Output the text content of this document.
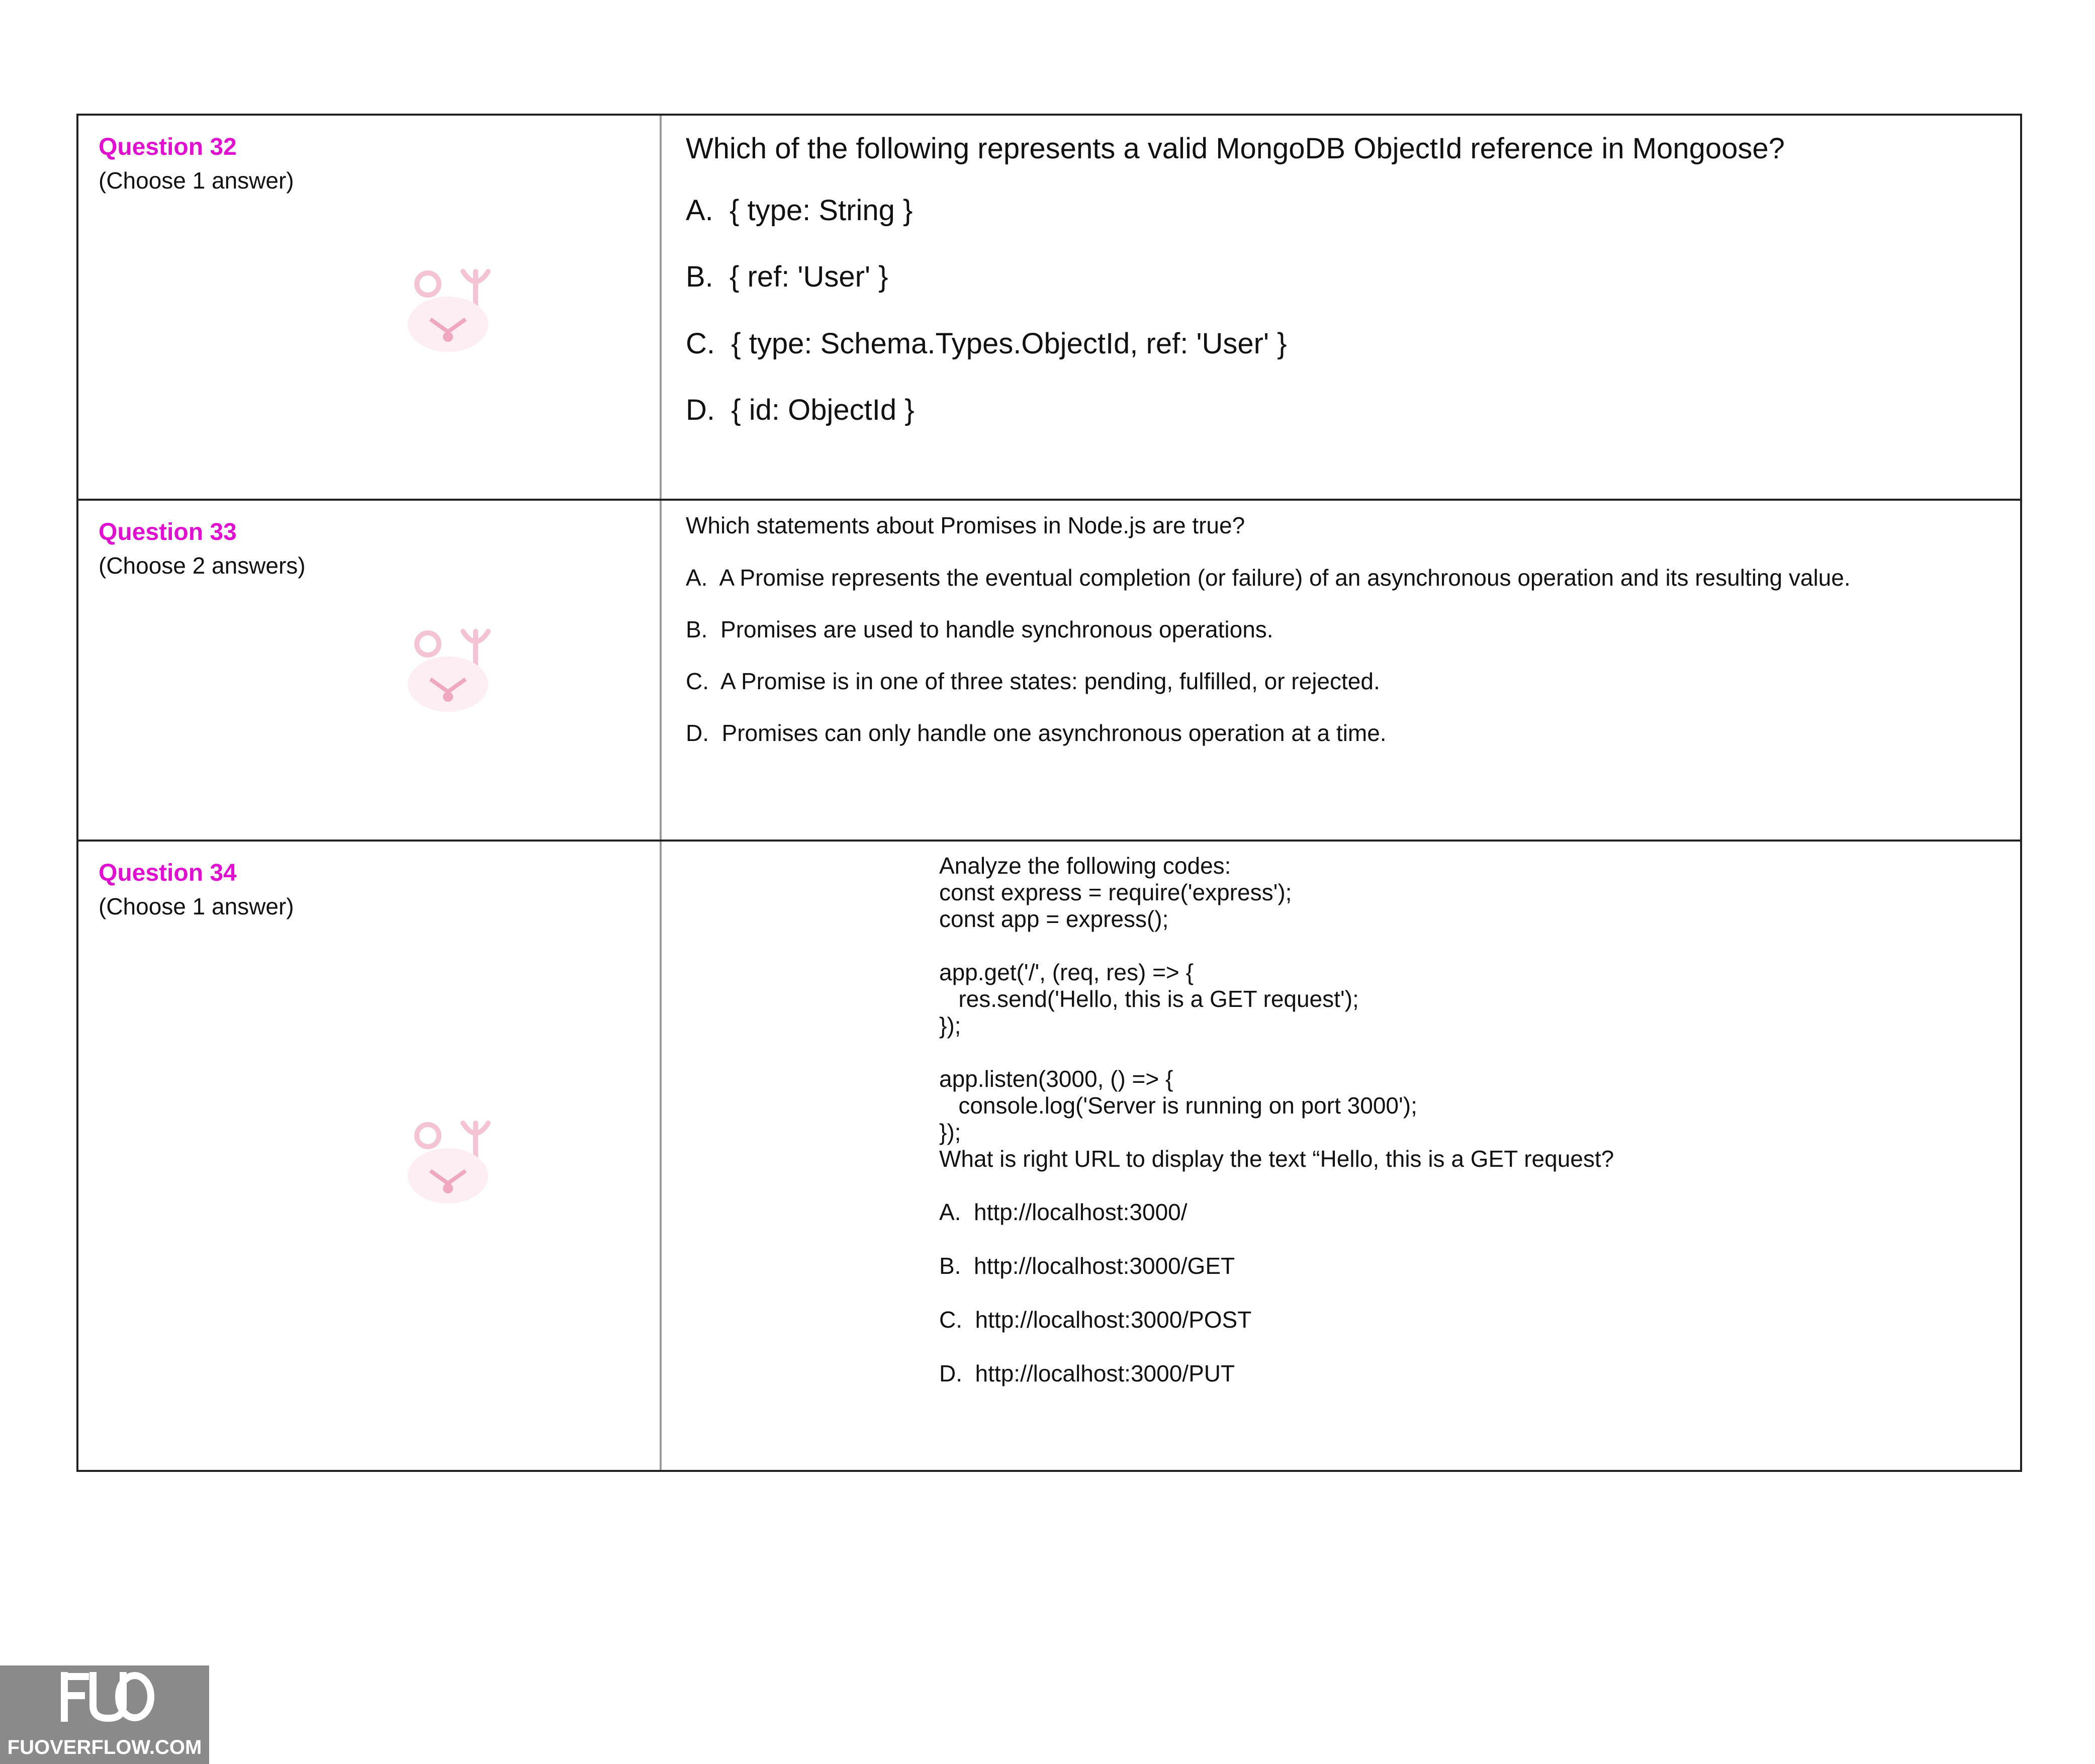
Question 32
(Choose 1 answer)
Which of the following represents a valid MongoDB ObjectId reference in Mongoose?
A.  { type: String }
B.  { ref: 'User' }
C.  { type: Schema.Types.ObjectId, ref: 'User' }
D.  { id: ObjectId }
Question 33
(Choose 2 answers)
Which statements about Promises in Node.js are true?
A.  A Promise represents the eventual completion (or failure) of an asynchronous operation and its resulting value.
B.  Promises are used to handle synchronous operations.
C.  A Promise is in one of three states: pending, fulfilled, or rejected.
D.  Promises can only handle one asynchronous operation at a time.
Question 34
(Choose 1 answer)
Analyze the following codes:
const express = require('express');
const app = express();
app.get('/', (req, res) => {
res.send('Hello, this is a GET request');
});
app.listen(3000, () => {
console.log('Server is running on port 3000');
});
What is right URL to display the text “Hello, this is a GET request?
A.  http://localhost:3000/
B.  http://localhost:3000/GET
C.  http://localhost:3000/POST
D.  http://localhost:3000/PUT
FUOVERFLOW.COM
